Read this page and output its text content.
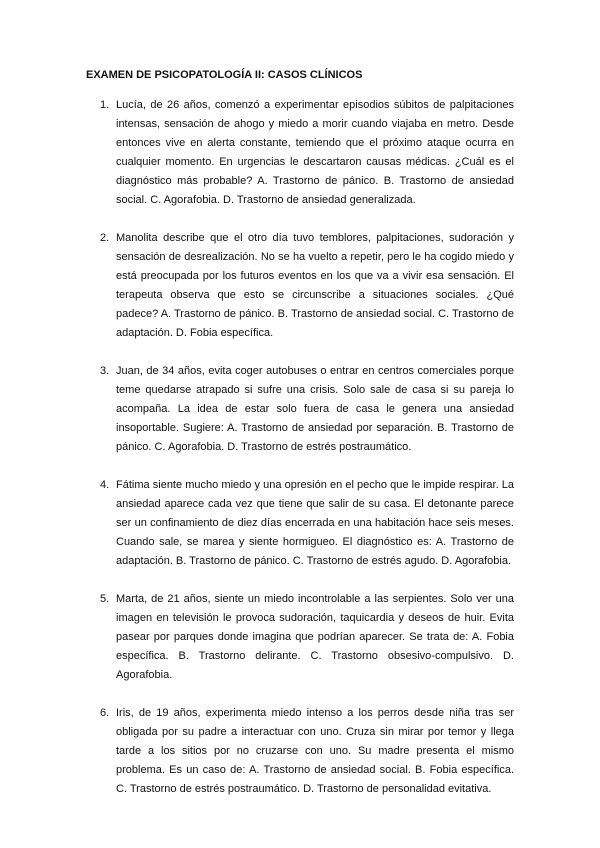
EXAMEN DE PSICOPATOLOGÍA II: CASOS CLÍNICOS
1. Lucía, de 26 años, comenzó a experimentar episodios súbitos de palpitaciones intensas, sensación de ahogo y miedo a morir cuando viajaba en metro. Desde entonces vive en alerta constante, temiendo que el próximo ataque ocurra en cualquier momento. En urgencias le descartaron causas médicas. ¿Cuál es el diagnóstico más probable? A. Trastorno de pánico. B. Trastorno de ansiedad social. C. Agorafobia. D. Trastorno de ansiedad generalizada.

2. Manolita describe que el otro día tuvo temblores, palpitaciones, sudoración y sensación de desrealización. No se ha vuelto a repetir, pero le ha cogido miedo y está preocupada por los futuros eventos en los que va a vivir esa sensación. El terapeuta observa que esto se circunscribe a situaciones sociales. ¿Qué padece? A. Trastorno de pánico. B. Trastorno de ansiedad social. C. Trastorno de adaptación. D. Fobia específica.

3. Juan, de 34 años, evita coger autobuses o entrar en centros comerciales porque teme quedarse atrapado si sufre una crisis. Solo sale de casa si su pareja lo acompaña. La idea de estar solo fuera de casa le genera una ansiedad insoportable. Sugiere: A. Trastorno de ansiedad por separación. B. Trastorno de pánico. C. Agorafobia. D. Trastorno de estrés postraumático.

4. Fátima siente mucho miedo y una opresión en el pecho que le impide respirar. La ansiedad aparece cada vez que tiene que salir de su casa. El detonante parece ser un confinamiento de diez días encerrada en una habitación hace seis meses. Cuando sale, se marea y siente hormigueo. El diagnóstico es: A. Trastorno de adaptación. B. Trastorno de pánico. C. Trastorno de estrés agudo. D. Agorafobia.

5. Marta, de 21 años, siente un miedo incontrolable a las serpientes. Solo ver una imagen en televisión le provoca sudoración, taquicardia y deseos de huir. Evita pasear por parques donde imagina que podrían aparecer. Se trata de: A. Fobia específica. B. Trastorno delirante. C. Trastorno obsesivo-compulsivo. D. Agorafobia.

6. Iris, de 19 años, experimenta miedo intenso a los perros desde niña tras ser obligada por su padre a interactuar con uno. Cruza sin mirar por temor y llega tarde a los sitios por no cruzarse con uno. Su madre presenta el mismo problema. Es un caso de: A. Trastorno de ansiedad social. B. Fobia específica. C. Trastorno de estrés postraumático. D. Trastorno de personalidad evitativa.
